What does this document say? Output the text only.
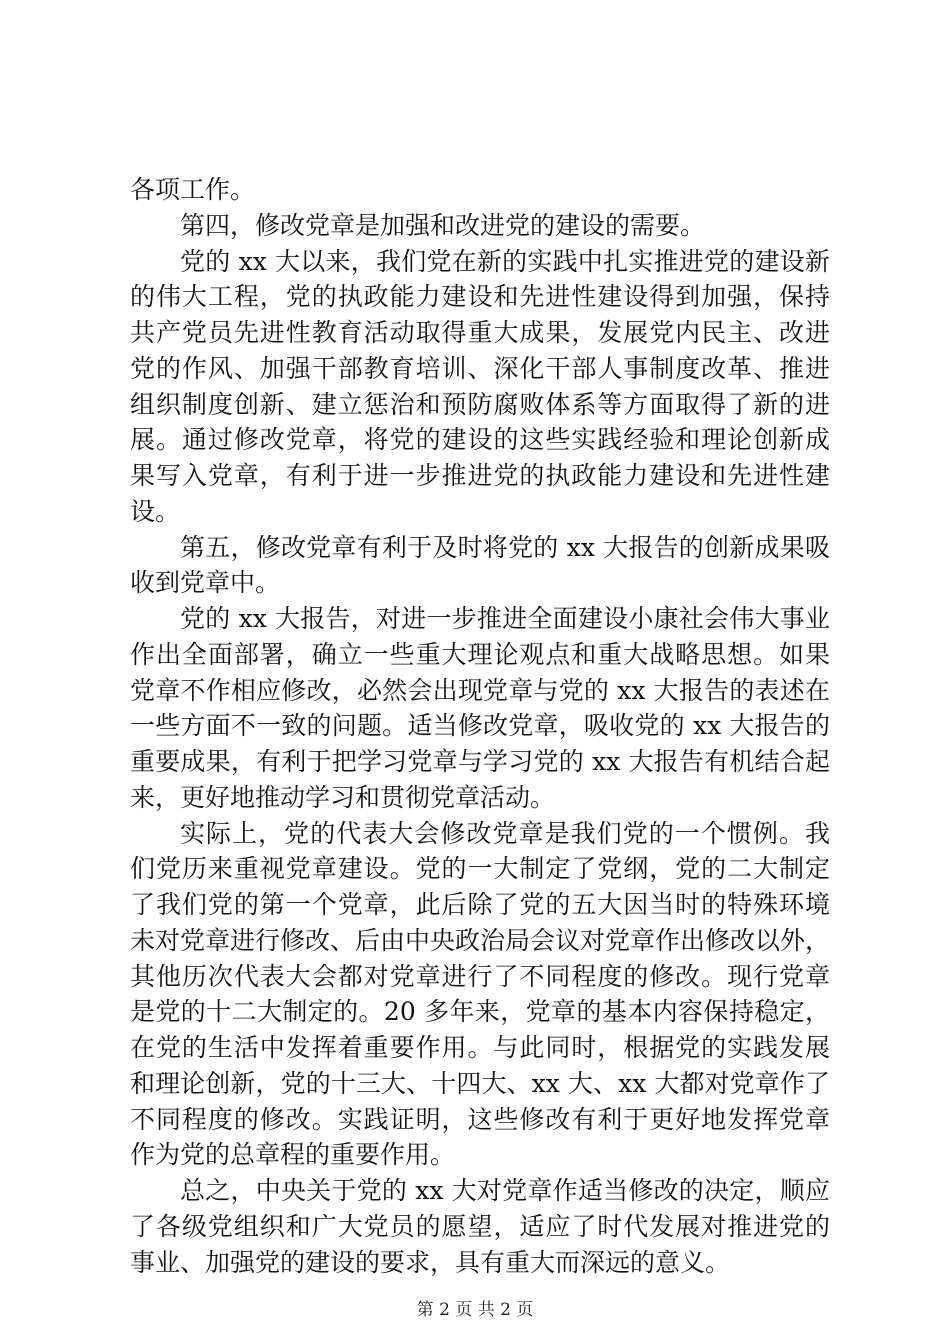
各项工作。
第四，修改党章是加强和改进党的建设的需要。
党的 xx 大以来，我们党在新的实践中扎实推进党的建设新
的伟大工程，党的执政能力建设和先进性建设得到加强，保持
共产党员先进性教育活动取得重大成果，发展党内民主、改进
党的作风、加强干部教育培训、深化干部人事制度改革、推进
组织制度创新、建立惩治和预防腐败体系等方面取得了新的进
展。通过修改党章，将党的建设的这些实践经验和理论创新成
果写入党章，有利于进一步推进党的执政能力建设和先进性建
设。
第五，修改党章有利于及时将党的 xx 大报告的创新成果吸
收到党章中。
党的 xx 大报告，对进一步推进全面建设小康社会伟大事业
作出全面部署，确立一些重大理论观点和重大战略思想。如果
党章不作相应修改，必然会出现党章与党的 xx 大报告的表述在
一些方面不一致的问题。适当修改党章，吸收党的 xx 大报告的
重要成果，有利于把学习党章与学习党的 xx 大报告有机结合起
来，更好地推动学习和贯彻党章活动。
实际上，党的代表大会修改党章是我们党的一个惯例。我
们党历来重视党章建设。党的一大制定了党纲，党的二大制定
了我们党的第一个党章，此后除了党的五大因当时的特殊环境
未对党章进行修改、后由中央政治局会议对党章作出修改以外，
其他历次代表大会都对党章进行了不同程度的修改。现行党章
是党的十二大制定的。20 多年来，党章的基本内容保持稳定，
在党的生活中发挥着重要作用。与此同时，根据党的实践发展
和理论创新，党的十三大、十四大、xx 大、xx 大都对党章作了
不同程度的修改。实践证明，这些修改有利于更好地发挥党章
作为党的总章程的重要作用。
总之，中央关于党的 xx 大对党章作适当修改的决定，顺应
了各级党组织和广大党员的愿望，适应了时代发展对推进党的
事业、加强党的建设的要求，具有重大而深远的意义。
第 2 页 共 2 页
